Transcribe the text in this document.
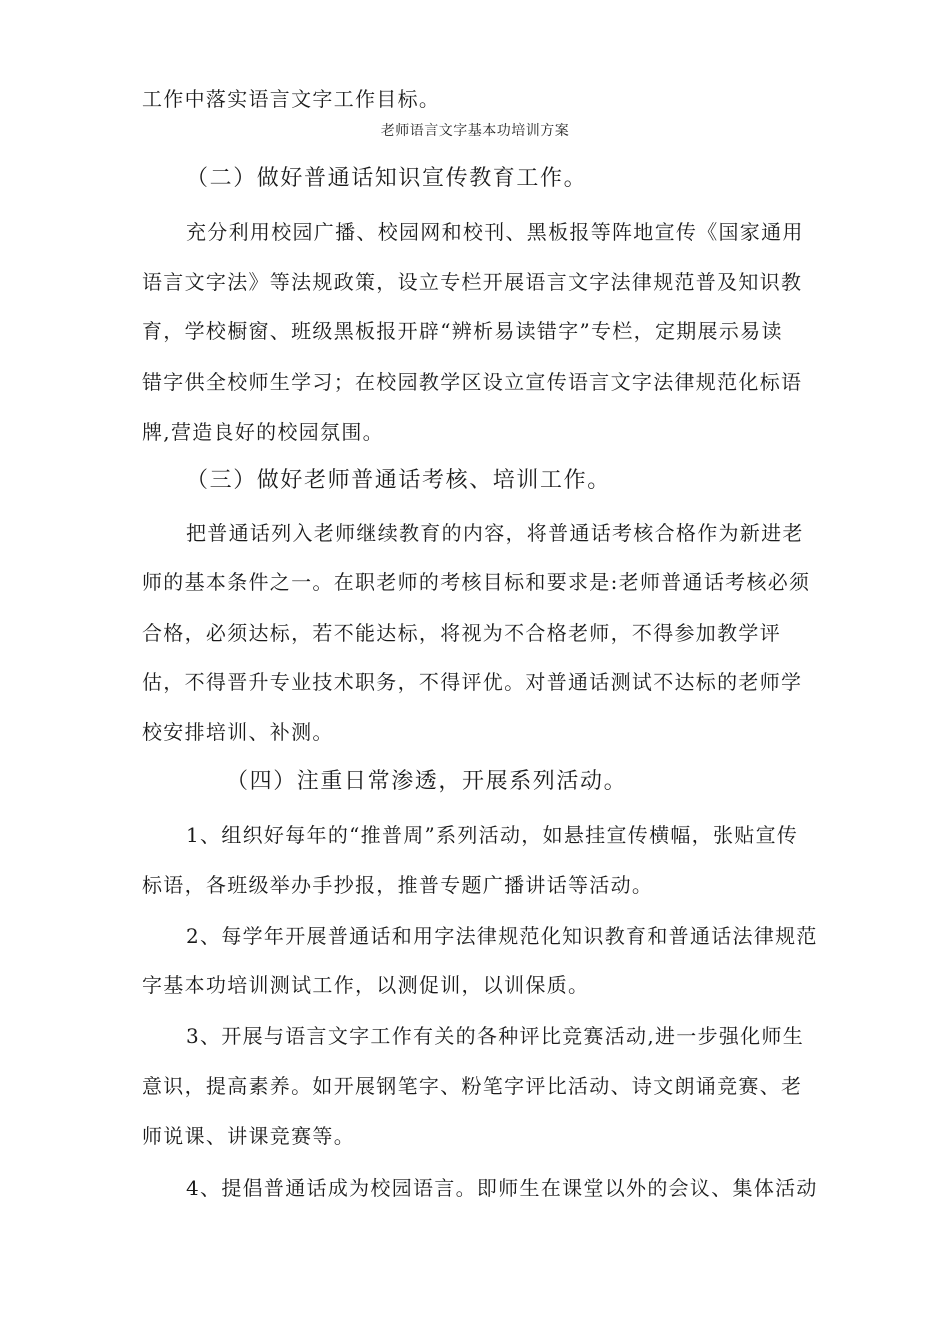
工作中落实语言文字工作目标。
老师语言文字基本功培训方案
（二）做好普通话知识宣传教育工作。
充分利用校园广播、校园网和校刊、黑板报等阵地宣传《国家通用
语言文字法》等法规政策，设立专栏开展语言文字法律规范普及知识教
育，学校橱窗、班级黑板报开辟“辨析易读错字”专栏，定期展示易读
错字供全校师生学习；在校园教学区设立宣传语言文字法律规范化标语
牌,营造良好的校园氛围。
（三）做好老师普通话考核、培训工作。
把普通话列入老师继续教育的内容，将普通话考核合格作为新进老
师的基本条件之一。在职老师的考核目标和要求是:老师普通话考核必须
合格，必须达标，若不能达标，将视为不合格老师，不得参加教学评
估，不得晋升专业技术职务，不得评优。对普通话测试不达标的老师学
校安排培训、补测。
（四）注重日常渗透，开展系列活动。
1、组织好每年的“推普周”系列活动，如悬挂宣传横幅，张贴宣传
标语，各班级举办手抄报，推普专题广播讲话等活动。
2、每学年开展普通话和用字法律规范化知识教育和普通话法律规范
字基本功培训测试工作，以测促训，以训保质。
3、开展与语言文字工作有关的各种评比竞赛活动,进一步强化师生
意识，提高素养。如开展钢笔字、粉笔字评比活动、诗文朗诵竞赛、老
师说课、讲课竞赛等。
4、提倡普通话成为校园语言。即师生在课堂以外的会议、集体活动
